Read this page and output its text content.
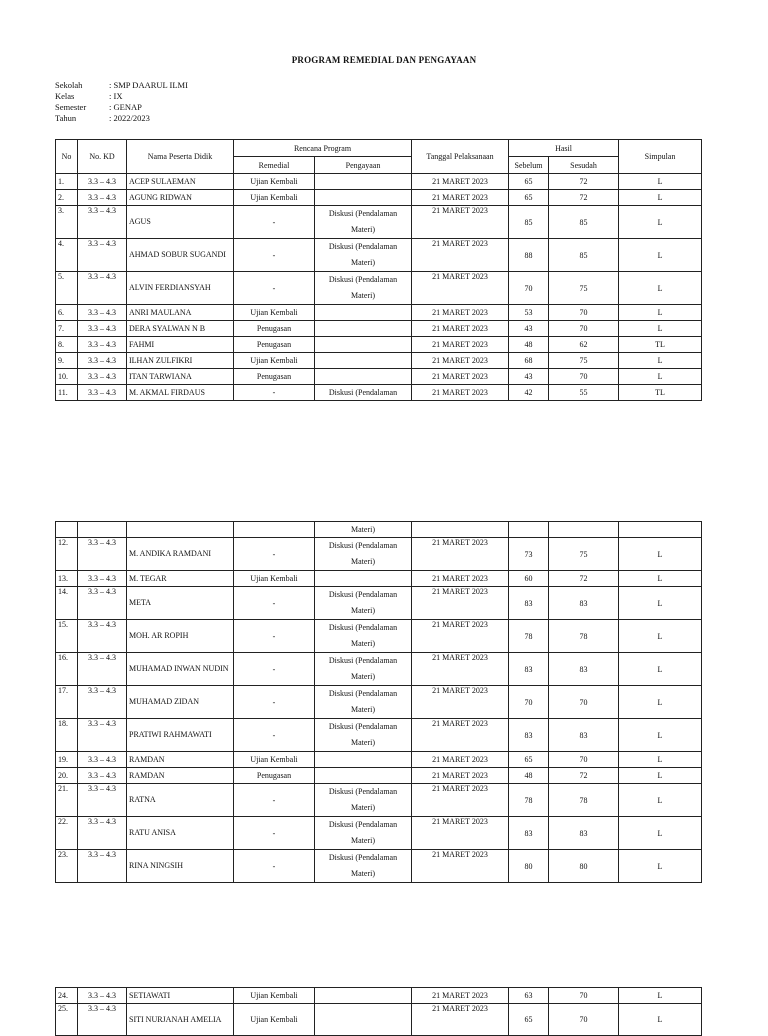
PROGRAM REMEDIAL DAN PENGAYAAN
Sekolah	: SMP DAARUL ILMI
Kelas	: IX
Semester	: GENAP
Tahun	: 2022/2023
No	No. KD	Nama Peserta Didik	Rencana Program		Tanggal Pelaksanaan	Hasil		Simpulan
			Remedial	Pengayaan		Sebelum	Sesudah	
1.	3.3 – 4.3	ACEP SULAEMAN	Ujian Kembali		21 MARET 2023	65	72	L
2.	3.3 – 4.3	AGUNG RIDWAN	Ujian Kembali		21 MARET 2023	65	72	L
3.	3.3 – 4.3	AGUS	-	Diskusi (Pendalaman Materi)	21 MARET 2023	85	85	L
4.	3.3 – 4.3	AHMAD SOBUR SUGANDI	-	Diskusi (Pendalaman Materi)	21 MARET 2023	88	85	L
5.	3.3 – 4.3	ALVIN FERDIANSYAH	-	Diskusi (Pendalaman Materi)	21 MARET 2023	70	75	L
6.	3.3 – 4.3	ANRI MAULANA	Ujian Kembali		21 MARET 2023	53	70	L
7.	3.3 – 4.3	DERA SYALWAN N B	Penugasan		21 MARET 2023	43	70	L
8.	3.3 – 4.3	FAHMI	Penugasan		21 MARET 2023	48	62	TL
9.	3.3 – 4.3	ILHAN ZULFIKRI	Ujian Kembali		21 MARET 2023	68	75	L
10.	3.3 – 4.3	ITAN TARWIANA	Penugasan		21 MARET 2023	43	70	L
11.	3.3 – 4.3	M. AKMAL FIRDAUS	-	Diskusi (Pendalaman	21 MARET 2023	42	55	TL
				Materi)				
12.	3.3 – 4.3	M. ANDIKA RAMDANI	-	Diskusi (Pendalaman Materi)	21 MARET 2023	73	75	L
13.	3.3 – 4.3	M. TEGAR	Ujian Kembali		21 MARET 2023	60	72	L
14.	3.3 – 4.3	META	-	Diskusi (Pendalaman Materi)	21 MARET 2023	83	83	L
15.	3.3 – 4.3	MOH. AR ROPIH	-	Diskusi (Pendalaman Materi)	21 MARET 2023	78	78	L
16.	3.3 – 4.3	MUHAMAD INWAN NUDIN	-	Diskusi (Pendalaman Materi)	21 MARET 2023	83	83	L
17.	3.3 – 4.3	MUHAMAD ZIDAN	-	Diskusi (Pendalaman Materi)	21 MARET 2023	70	70	L
18.	3.3 – 4.3	PRATIWI RAHMAWATI	-	Diskusi (Pendalaman Materi)	21 MARET 2023	83	83	L
19.	3.3 – 4.3	RAMDAN	Ujian Kembali		21 MARET 2023	65	70	L
20.	3.3 – 4.3	RAMDAN	Penugasan		21 MARET 2023	48	72	L
21.	3.3 – 4.3	RATNA	-	Diskusi (Pendalaman Materi)	21 MARET 2023	78	78	L
22.	3.3 – 4.3	RATU ANISA	-	Diskusi (Pendalaman Materi)	21 MARET 2023	83	83	L
23.	3.3 – 4.3	RINA NINGSIH	-	Diskusi (Pendalaman Materi)	21 MARET 2023	80	80	L
24.	3.3 – 4.3	SETIAWATI	Ujian Kembali		21 MARET 2023	63	70	L
25.	3.3 – 4.3	SITI NURJANAH AMELIA	Ujian Kembali		21 MARET 2023	65	70	L
